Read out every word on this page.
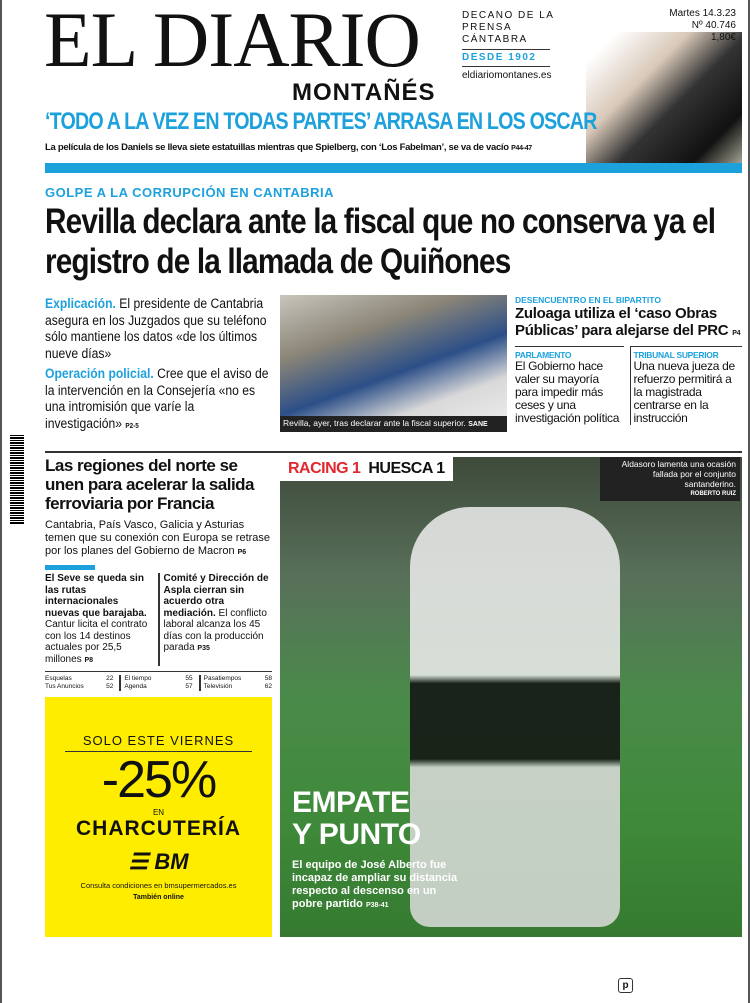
EL DIARIO
MONTAÑÉS
DECANO DE LA PRENSA CÁNTABRA
DESDE 1902
eldiariomontanes.es
Martes 14.3.23
Nº 40.746
1,80€
‘TODO A LA VEZ EN TODAS PARTES’ ARRASA EN LOS OSCAR
La película de los Daniels se lleva siete estatuillas mientras que Spielberg, con ‘Los Fabelman’, se va de vacío P44-47
GOLPE A LA CORRUPCIÓN EN CANTABRIA
Revilla declara ante la fiscal que no conserva ya el registro de la llamada de Quiñones

Explicación. El presidente de Cantabria asegura en los Juzgados que su teléfono sólo mantiene los datos «de los últimos nueve días»

Operación policial. Cree que el aviso de la intervención en la Consejería «no es una intromisión que varíe la investigación» P2-5	Revilla, ayer, tras declarar ante la fiscal superior. SANE
DESENCUENTRO EN EL BIPARTITO
Zuloaga utiliza el ‘caso Obras Públicas’ para alejarse del PRC P4
PARLAMENTO
El Gobierno hace valer su mayoría para impedir más ceses y una investigación política
TRIBUNAL SUPERIOR
Una nueva jueza de refuerzo permitirá a la magistrada centrarse en la instrucción
Las regiones del norte se unen para acelerar la salida ferroviaria por Francia
Cantabria, País Vasco, Galicia y Asturias temen que su conexión con Europa se retrase por los planes del Gobierno de Macron P6
El Seve se queda sin las rutas internacionales nuevas que barajaba. Cantur licita el contrato con los 14 destinos actuales por 25,5 millones P8
Comité y Dirección de Aspla cierran sin acuerdo otra mediación. El conflicto laboral alcanza los 45 días con la producción parada P35
Esquelas	22
Tus Anuncios	52
El tiempo	55
Agenda	57
Pasatiempos	58
Televisión	62
SOLO ESTE VIERNES
-25%
EN
CHARCUTERÍA
☰ BM
Consulta condiciones en bmsupermercados.es
También online
RACING 1 HUESCA 1	Aldasoro lamenta una ocasión fallada por el conjunto santanderino.
ROBERTO RUIZ
EMPATE
Y PUNTO
El equipo de José Alberto fue incapaz de ampliar su distancia respecto al descenso en un pobre partido P38-41
p
